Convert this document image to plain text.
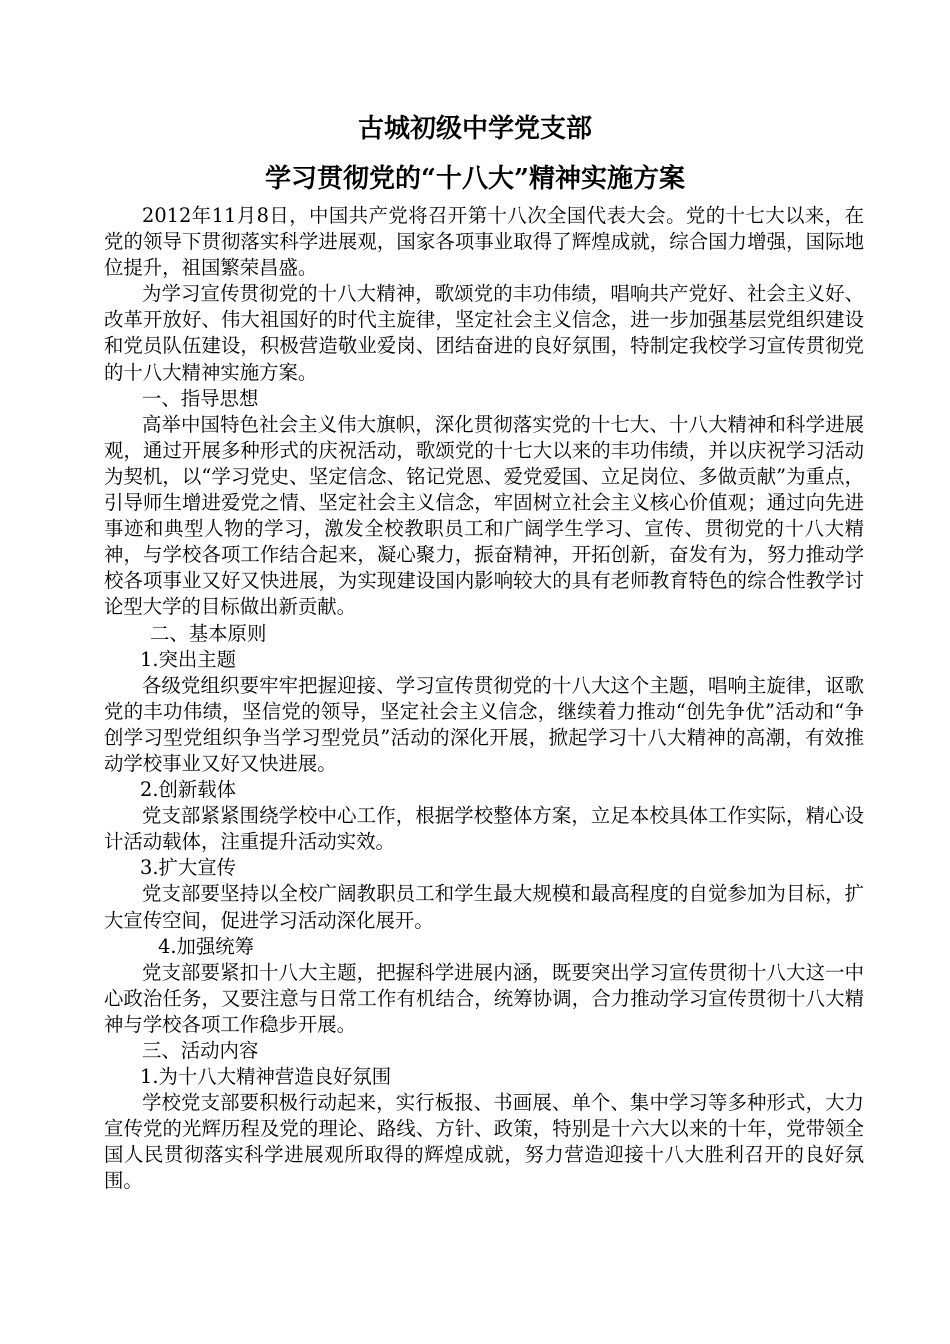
古城初级中学党支部
学习贯彻党的“十八大”精神实施方案

2012年11月8日，中国共产党将召开第十八次全国代表大会。党的十七大以来，在党的领导下贯彻落实科学进展观，国家各项事业取得了辉煌成就，综合国力增强，国际地位提升，祖国繁荣昌盛。

为学习宣传贯彻党的十八大精神，歌颂党的丰功伟绩，唱响共产党好、社会主义好、改革开放好、伟大祖国好的时代主旋律，坚定社会主义信念，进一步加强基层党组织建设和党员队伍建设，积极营造敬业爱岗、团结奋进的良好氛围，特制定我校学习宣传贯彻党的十八大精神实施方案。

一、指导思想

高举中国特色社会主义伟大旗帜，深化贯彻落实党的十七大、十八大精神和科学进展观，通过开展多种形式的庆祝活动，歌颂党的十七大以来的丰功伟绩，并以庆祝学习活动为契机，以“学习党史、坚定信念、铭记党恩、爱党爱国、立足岗位、多做贡献”为重点，引导师生增进爱党之情、坚定社会主义信念，牢固树立社会主义核心价值观；通过向先进事迹和典型人物的学习，激发全校教职员工和广阔学生学习、宣传、贯彻党的十八大精神，与学校各项工作结合起来，凝心聚力，振奋精神，开拓创新，奋发有为，努力推动学校各项事业又好又快进展，为实现建设国内影响较大的具有老师教育特色的综合性教学讨论型大学的目标做出新贡献。

二、基本原则

1.突出主题

各级党组织要牢牢把握迎接、学习宣传贯彻党的十八大这个主题，唱响主旋律，讴歌党的丰功伟绩，坚信党的领导，坚定社会主义信念，继续着力推动“创先争优”活动和“争创学习型党组织争当学习型党员”活动的深化开展，掀起学习十八大精神的高潮，有效推动学校事业又好又快进展。

2.创新载体

党支部紧紧围绕学校中心工作，根据学校整体方案，立足本校具体工作实际，精心设计活动载体，注重提升活动实效。

3.扩大宣传

党支部要坚持以全校广阔教职员工和学生最大规模和最高程度的自觉参加为目标，扩大宣传空间，促进学习活动深化展开。

4.加强统筹

党支部要紧扣十八大主题，把握科学进展内涵，既要突出学习宣传贯彻十八大这一中心政治任务，又要注意与日常工作有机结合，统筹协调，合力推动学习宣传贯彻十八大精神与学校各项工作稳步开展。

三、活动内容

1.为十八大精神营造良好氛围

学校党支部要积极行动起来，实行板报、书画展、单个、集中学习等多种形式，大力宣传党的光辉历程及党的理论、路线、方针、政策，特别是十六大以来的十年，党带领全国人民贯彻落实科学进展观所取得的辉煌成就，努力营造迎接十八大胜利召开的良好氛围。
